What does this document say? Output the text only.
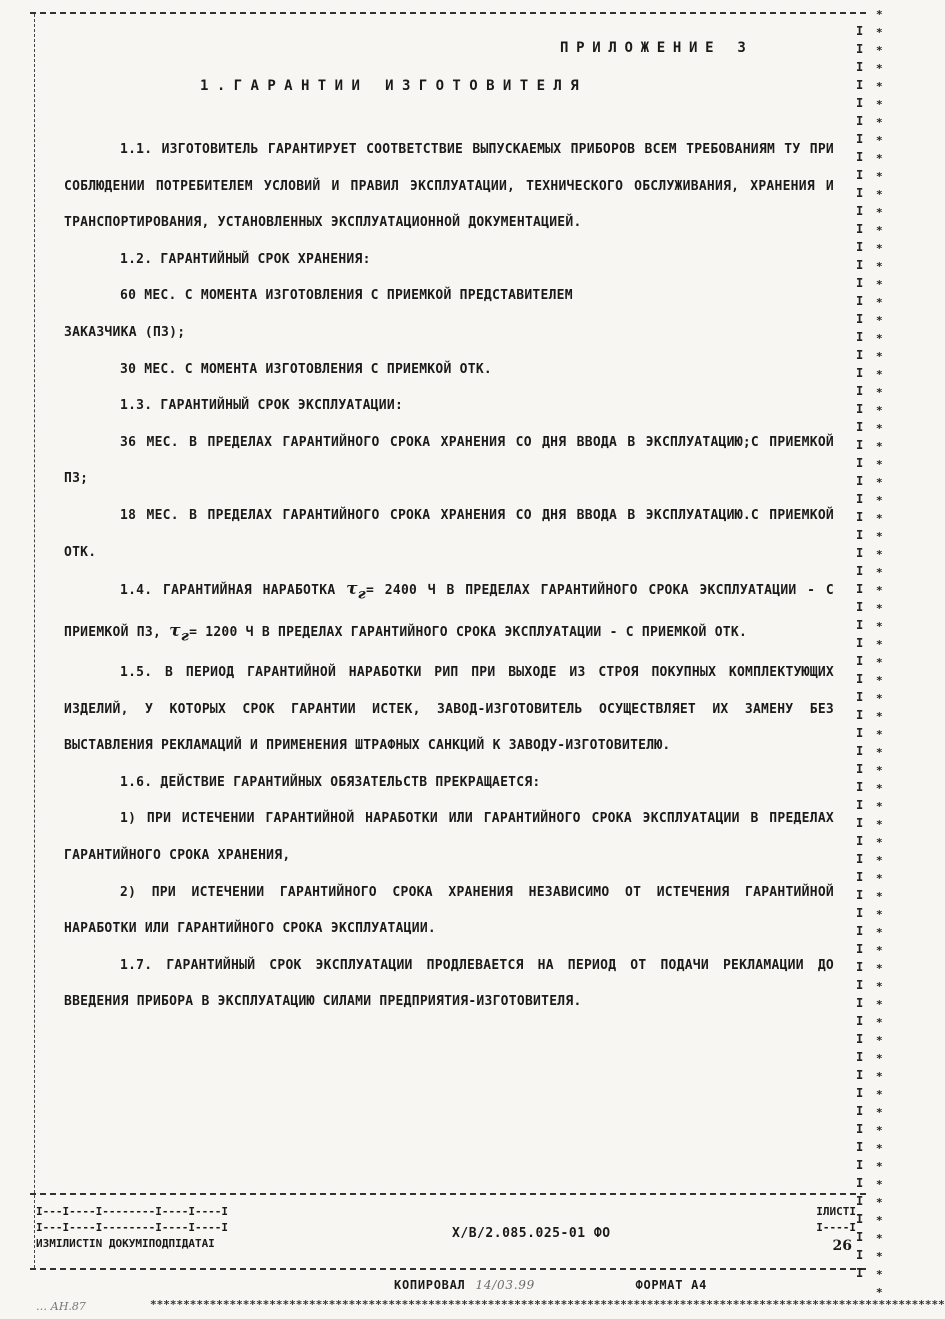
I
I
I
I
I
I
I
I
I
I
I
I
I
I
I
I
I
I
I
I
I
I
I
I
I
I
I
I
I
I
I
I
I
I
I
I
I
I
I
I
I
I
I
I
I
I
I
I
I
I
I
I
I
I
I
I
I
I
I
I
I
I
I
I
I
I
I
I
I
I
*
*
*
*
*
*
*
*
*
*
*
*
*
*
*
*
*
*
*
*
*
*
*
*
*
*
*
*
*
*
*
*
*
*
*
*
*
*
*
*
*
*
*
*
*
*
*
*
*
*
*
*
*
*
*
*
*
*
*
*
*
*
*
*
*
*
*
*
*
*
*
*
ПРИЛОЖЕНИЕ 3
1.ГАРАНТИИ ИЗГОТОВИТЕЛЯ

1.1. ИЗГОТОВИТЕЛЬ ГАРАНТИРУЕТ СООТВЕТСТВИЕ ВЫПУСКАЕМЫХ ПРИБОРОВ ВСЕМ ТРЕБОВАНИЯМ ТУ ПРИ СОБЛЮДЕНИИ ПОТРЕБИТЕЛЕМ УСЛОВИЙ И ПРАВИЛ ЭКСПЛУАТАЦИИ, ТЕХНИЧЕСКОГО ОБСЛУЖИВАНИЯ, ХРАНЕНИЯ И ТРАНСПОРТИРОВАНИЯ, УСТАНОВЛЕННЫХ ЭКСПЛУАТАЦИОННОЙ ДОКУМЕНТАЦИЕЙ.

1.2. ГАРАНТИЙНЫЙ СРОК ХРАНЕНИЯ:

60 МЕС. С МОМЕНТА ИЗГОТОВЛЕНИЯ С ПРИЕМКОЙ ПРЕДСТАВИТЕЛЕМ

ЗАКАЗЧИКА (ПЗ);

30 МЕС. С МОМЕНТА ИЗГОТОВЛЕНИЯ С ПРИЕМКОЙ ОТК.

1.3. ГАРАНТИЙНЫЙ СРОК ЭКСПЛУАТАЦИИ:

36 МЕС. В ПРЕДЕЛАХ ГАРАНТИЙНОГО СРОКА ХРАНЕНИЯ СО ДНЯ ВВОДА В ЭКСПЛУАТАЦИЮ;С ПРИЕМКОЙ ПЗ;

18 МЕС. В ПРЕДЕЛАХ ГАРАНТИЙНОГО СРОКА ХРАНЕНИЯ СО ДНЯ ВВОДА В ЭКСПЛУАТАЦИЮ.С ПРИЕМКОЙ ОТК.

1.4. ГАРАНТИЙНАЯ НАРАБОТКА $\tau_г= 2400$ Ч В ПРЕДЕЛАХ ГАРАНТИЙНОГО СРОКА ЭКСПЛУАТАЦИИ - С ПРИЕМКОЙ ПЗ, $\tau_г= 1200$ Ч В ПРЕДЕЛАХ ГАРАНТИЙНОГО СРОКА ЭКСПЛУАТАЦИИ - С ПРИЕМКОЙ ОТК.

1.5. В ПЕРИОД ГАРАНТИЙНОЙ НАРАБОТКИ РИП ПРИ ВЫХОДЕ ИЗ СТРОЯ ПОКУПНЫХ КОМПЛЕКТУЮЩИХ ИЗДЕЛИЙ, У КОТОРЫХ СРОК ГАРАНТИИ ИСТЕК, ЗАВОД-ИЗГОТОВИТЕЛЬ ОСУЩЕСТВЛЯЕТ ИХ ЗАМЕНУ БЕЗ ВЫСТАВЛЕНИЯ РЕКЛАМАЦИЙ И ПРИМЕНЕНИЯ ШТРАФНЫХ САНКЦИЙ К ЗАВОДУ-ИЗГОТОВИТЕЛЮ.

1.6. ДЕЙСТВИЕ ГАРАНТИЙНЫХ ОБЯЗАТЕЛЬСТВ ПРЕКРАЩАЕТСЯ:

1) ПРИ ИСТЕЧЕНИИ ГАРАНТИЙНОЙ НАРАБОТКИ ИЛИ ГАРАНТИЙНОГО СРОКА ЭКСПЛУАТАЦИИ В ПРЕДЕЛАХ ГАРАНТИЙНОГО СРОКА ХРАНЕНИЯ,

2) ПРИ ИСТЕЧЕНИИ ГАРАНТИЙНОГО СРОКА ХРАНЕНИЯ НЕЗАВИСИМО ОТ ИСТЕЧЕНИЯ ГАРАНТИЙНОЙ НАРАБОТКИ ИЛИ ГАРАНТИЙНОГО СРОКА ЭКСПЛУАТАЦИИ.

1.7. ГАРАНТИЙНЫЙ СРОК ЭКСПЛУАТАЦИИ ПРОДЛЕВАЕТСЯ НА ПЕРИОД ОТ ПОДАЧИ РЕКЛАМАЦИИ ДО ВВЕДЕНИЯ ПРИБОРА В ЭКСПЛУАТАЦИЮ СИЛАМИ ПРЕДПРИЯТИЯ-ИЗГОТОВИТЕЛЯ.

I---I----I--------I----I----I
I---I----I--------I----I----I
ИЗМIЛИСТIN ДОКУМIПОДПIДАТАI
Х/В/2.085.025-01 ФО
IЛИСТI
I----I
26
КОПИРОВАЛ 14/03.99	ФОРМАТ А4
************************************************************************************************************************
… АН.87
